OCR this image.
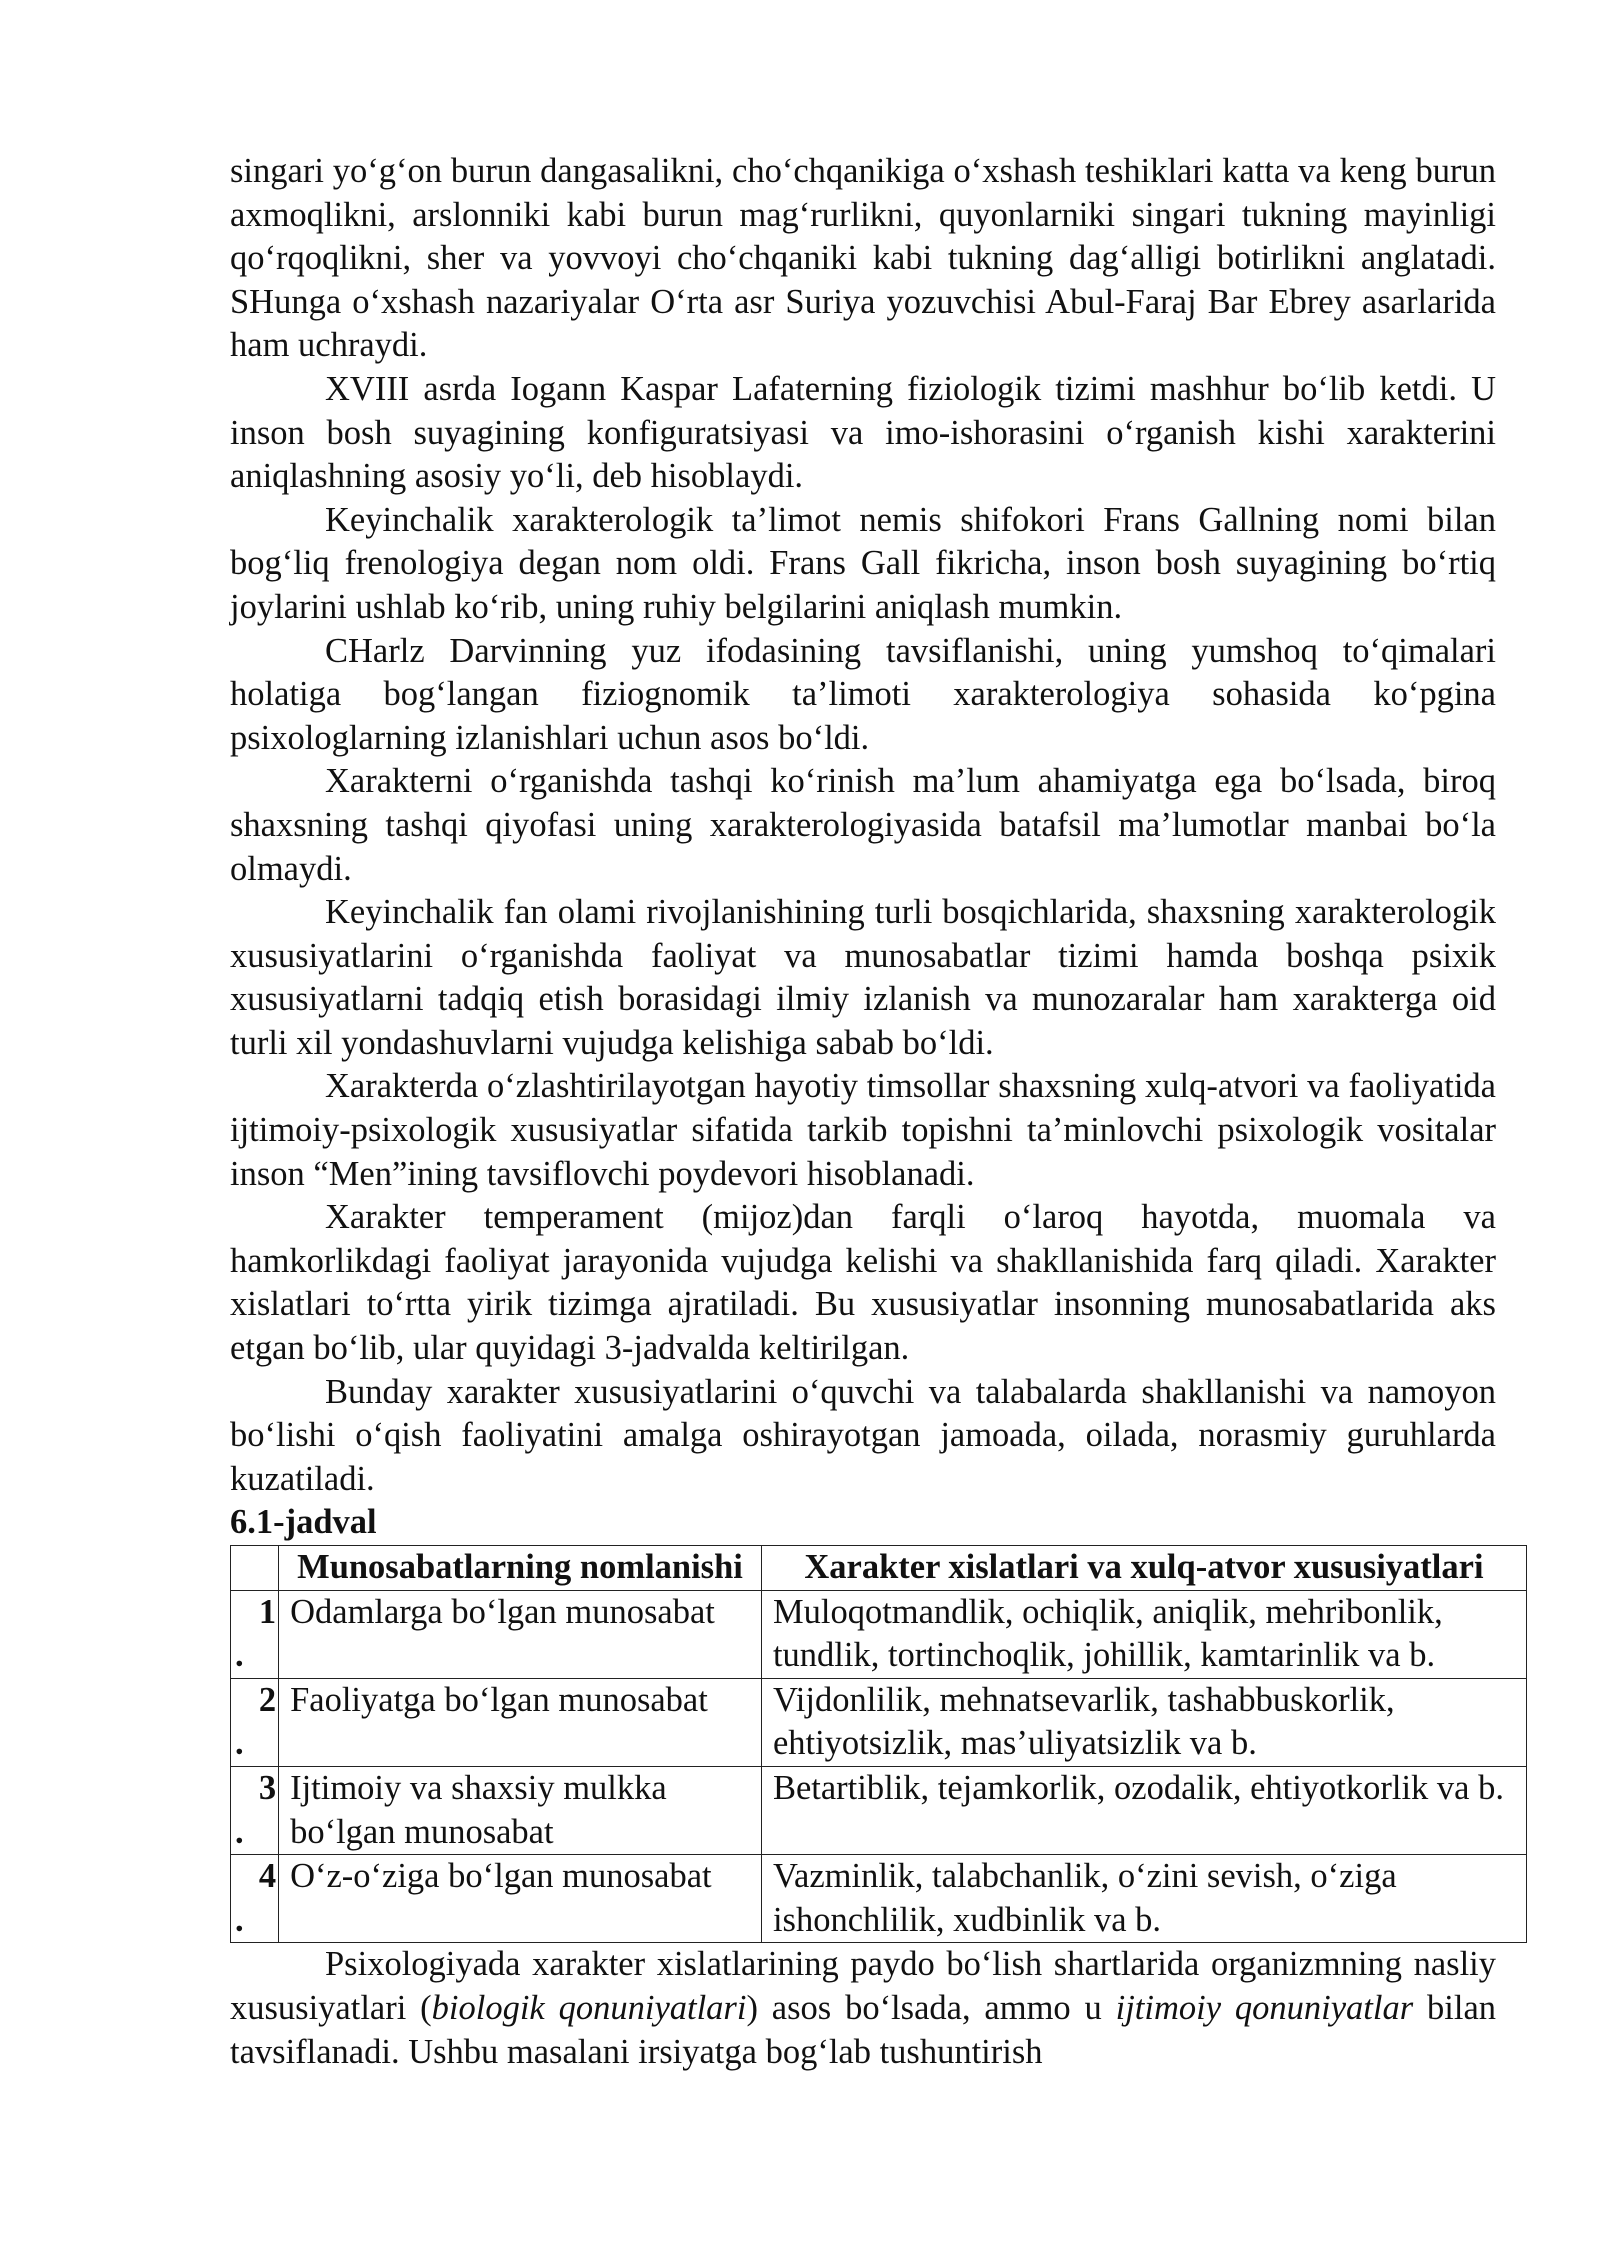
singari yo‘g‘on burun dangasalikni, cho‘chqanikiga o‘xshash teshiklari katta va keng burun axmoqlikni, arslonniki kabi burun mag‘rurlikni, quyonlarniki singari tukning mayinligi qo‘rqoqlikni, sher va yovvoyi cho‘chqaniki kabi tukning dag‘alligi botirlikni anglatadi. SHunga o‘xshash nazariyalar O‘rta asr Suriya yozuvchisi Abul-Faraj Bar Ebrey asarlarida ham uchraydi.

XVIII asrda Iogann Kaspar Lafaterning fiziologik tizimi mashhur bo‘lib ketdi. U inson bosh suyagining konfiguratsiyasi va imo-ishorasini o‘rganish kishi xarakterini aniqlashning asosiy yo‘li, deb hisoblaydi.

Keyinchalik xarakterologik ta’limot nemis shifokori Frans Gallning nomi bilan bog‘liq frenologiya degan nom oldi. Frans Gall fikricha, inson bosh suyagining bo‘rtiq joylarini ushlab ko‘rib, uning ruhiy belgilarini aniqlash mumkin.

CHarlz Darvinning yuz ifodasining tavsiflanishi, uning yumshoq to‘qimalari holatiga bog‘langan fiziognomik ta’limoti xarakterologiya sohasida ko‘pgina psixologlarning izlanishlari uchun asos bo‘ldi.

Xarakterni o‘rganishda tashqi ko‘rinish ma’lum ahamiyatga ega bo‘lsada, biroq shaxsning tashqi qiyofasi uning xarakterologiyasida batafsil ma’lumotlar manbai bo‘la olmaydi.

Keyinchalik fan olami rivojlanishining turli bosqichlarida, shaxsning xarakterologik xususiyatlarini o‘rganishda faoliyat va munosabatlar tizimi hamda boshqa psixik xususiyatlarni tadqiq etish borasidagi ilmiy izlanish va munozaralar ham xarakterga oid turli xil yondashuvlarni vujudga kelishiga sabab bo‘ldi.

Xarakterda o‘zlashtirilayotgan hayotiy timsollar shaxsning xulq-atvori va faoliyatida ijtimoiy-psixologik xususiyatlar sifatida tarkib topishni ta’minlovchi psixologik vositalar inson “Men”ining tavsiflovchi poydevori hisoblanadi.

Xarakter temperament (mijoz)dan farqli o‘laroq hayotda, muomala va hamkorlikdagi faoliyat jarayonida vujudga kelishi va shakllanishida farq qiladi. Xarakter xislatlari to‘rtta yirik tizimga ajratiladi. Bu xususiyatlar insonning munosabatlarida aks etgan bo‘lib, ular quyidagi 3-jadvalda keltirilgan.

Bunday xarakter xususiyatlarini o‘quvchi va talabalarda shakllanishi va namoyon bo‘lishi o‘qish faoliyatini amalga oshirayotgan jamoada, oilada, norasmiy guruhlarda kuzatiladi.

6.1-jadval

	Munosabatlarning nomlanishi	Xarakter xislatlari va xulq-atvor xususiyatlari

1
.	Odamlarga bo‘lgan munosabat	Muloqotmandlik, ochiqlik, aniqlik, mehribonlik, tundlik, tortinchoqlik, johillik, kamtarinlik va b.

2
.	Faoliyatga bo‘lgan munosabat	Vijdonlilik, mehnatsevarlik, tashabbuskorlik, ehtiyotsizlik, mas’uliyatsizlik va b.

3
.	Ijtimoiy va shaxsiy mulkka bo‘lgan munosabat	Betartiblik, tejamkorlik, ozodalik, ehtiyotkorlik va b.

4
.	O‘z-o‘ziga bo‘lgan munosabat	Vazminlik, talabchanlik, o‘zini sevish, o‘ziga ishonchlilik, xudbinlik va b.

Psixologiyada xarakter xislatlarining paydo bo‘lish shartlarida organizmning nasliy xususiyatlari (biologik qonuniyatlari) asos bo‘lsada, ammo u ijtimoiy qonuniyatlar bilan tavsiflanadi. Ushbu masalani irsiyatga bog‘lab tushuntirish
